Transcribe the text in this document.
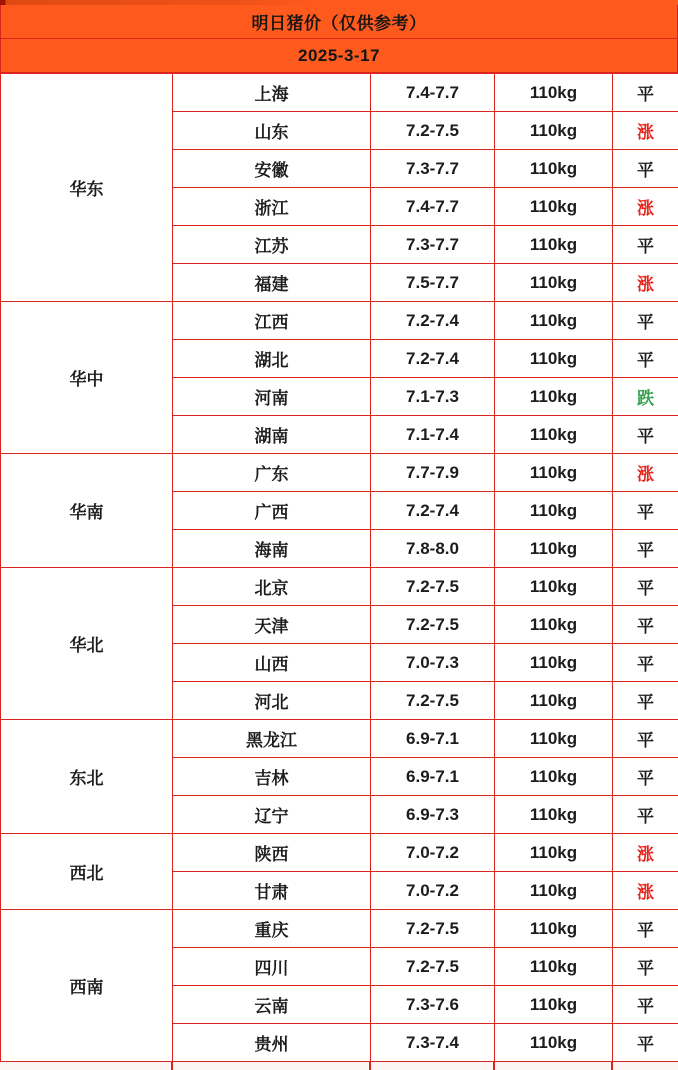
明日猪价（仅供参考）
2025-3-17
华东	上海	7.4-7.7	110kg	平
	山东	7.2-7.5	110kg	涨
	安徽	7.3-7.7	110kg	平
	浙江	7.4-7.7	110kg	涨
	江苏	7.3-7.7	110kg	平
	福建	7.5-7.7	110kg	涨
华中	江西	7.2-7.4	110kg	平
	湖北	7.2-7.4	110kg	平
	河南	7.1-7.3	110kg	跌
	湖南	7.1-7.4	110kg	平
华南	广东	7.7-7.9	110kg	涨
	广西	7.2-7.4	110kg	平
	海南	7.8-8.0	110kg	平
华北	北京	7.2-7.5	110kg	平
	天津	7.2-7.5	110kg	平
	山西	7.0-7.3	110kg	平
	河北	7.2-7.5	110kg	平
东北	黑龙江	6.9-7.1	110kg	平
	吉林	6.9-7.1	110kg	平
	辽宁	6.9-7.3	110kg	平
西北	陕西	7.0-7.2	110kg	涨
	甘肃	7.0-7.2	110kg	涨
西南	重庆	7.2-7.5	110kg	平
	四川	7.2-7.5	110kg	平
	云南	7.3-7.6	110kg	平
	贵州	7.3-7.4	110kg	平
